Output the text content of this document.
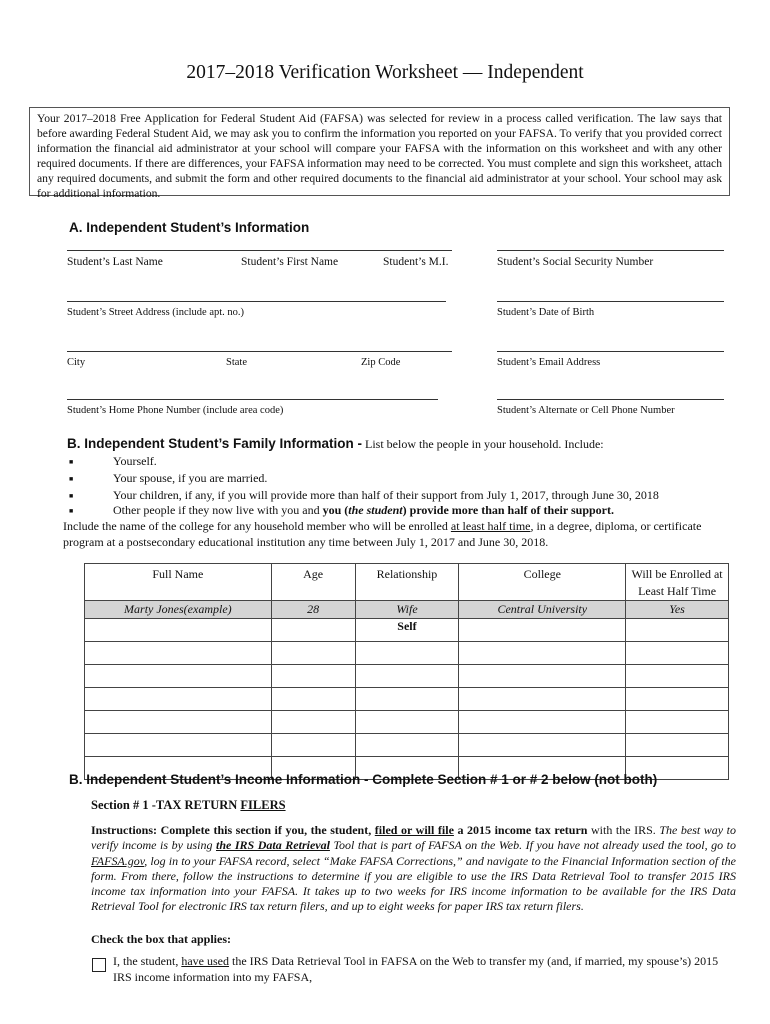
2017–2018 Verification Worksheet — Independent
Your 2017–2018 Free Application for Federal Student Aid (FAFSA) was selected for review in a process called verification. The law says that before awarding Federal Student Aid, we may ask you to confirm the information you reported on your FAFSA. To verify that you provided correct information the financial aid administrator at your school will compare your FAFSA with the information on this worksheet and with any other required documents. If there are differences, your FAFSA information may need to be corrected. You must complete and sign this worksheet, attach any required documents, and submit the form and other required documents to the financial aid administrator at your school. Your school may ask for additional information.
A. Independent Student’s Information
Student’s Last Name	Student’s First Name	Student’s M.I.	Student’s Social Security Number
Student’s Street Address (include apt. no.)	Student’s Date of Birth
City	State	Zip Code	Student’s Email Address
Student’s Home Phone Number (include area code)	Student’s Alternate or Cell Phone Number
B. Independent Student’s Family Information - List below the people in your household. Include:
■	Yourself.
■	Your spouse, if you are married.
■	Your children, if any, if you will provide more than half of their support from July 1, 2017, through June 30, 2018
■	Other people if they now live with you and you (the student) provide more than half of their support.
Include the name of the college for any household member who will be enrolled at least half time, in a degree, diploma, or certificate program at a postsecondary educational institution any time between July 1, 2017 and June 30, 2018.
Full Name	Age	Relationship	College	Will be Enrolled at
Least Half Time
Marty Jones(example)	28	Wife	Central University	Yes
		Self		

B. Independent Student’s Income Information - Complete Section # 1 or # 2 below (not both)
Section # 1 -TAX RETURN FILERS
Instructions: Complete this section if you, the student, filed or will file a 2015 income tax return with the IRS. The best way to verify income is by using the IRS Data Retrieval Tool that is part of FAFSA on the Web. If you have not already used the tool, go to FAFSA.gov, log in to your FAFSA record, select “Make FAFSA Corrections,” and navigate to the Financial Information section of the form. From there, follow the instructions to determine if you are eligible to use the IRS Data Retrieval Tool to transfer 2015 IRS income tax information into your FAFSA. It takes up to two weeks for IRS income information to be available for the IRS Data Retrieval Tool for electronic IRS tax return filers, and up to eight weeks for paper IRS tax return filers.
Check the box that applies:
I, the student, have used the IRS Data Retrieval Tool in FAFSA on the Web to transfer my (and, if married, my spouse’s) 2015 IRS income information into my FAFSA,
